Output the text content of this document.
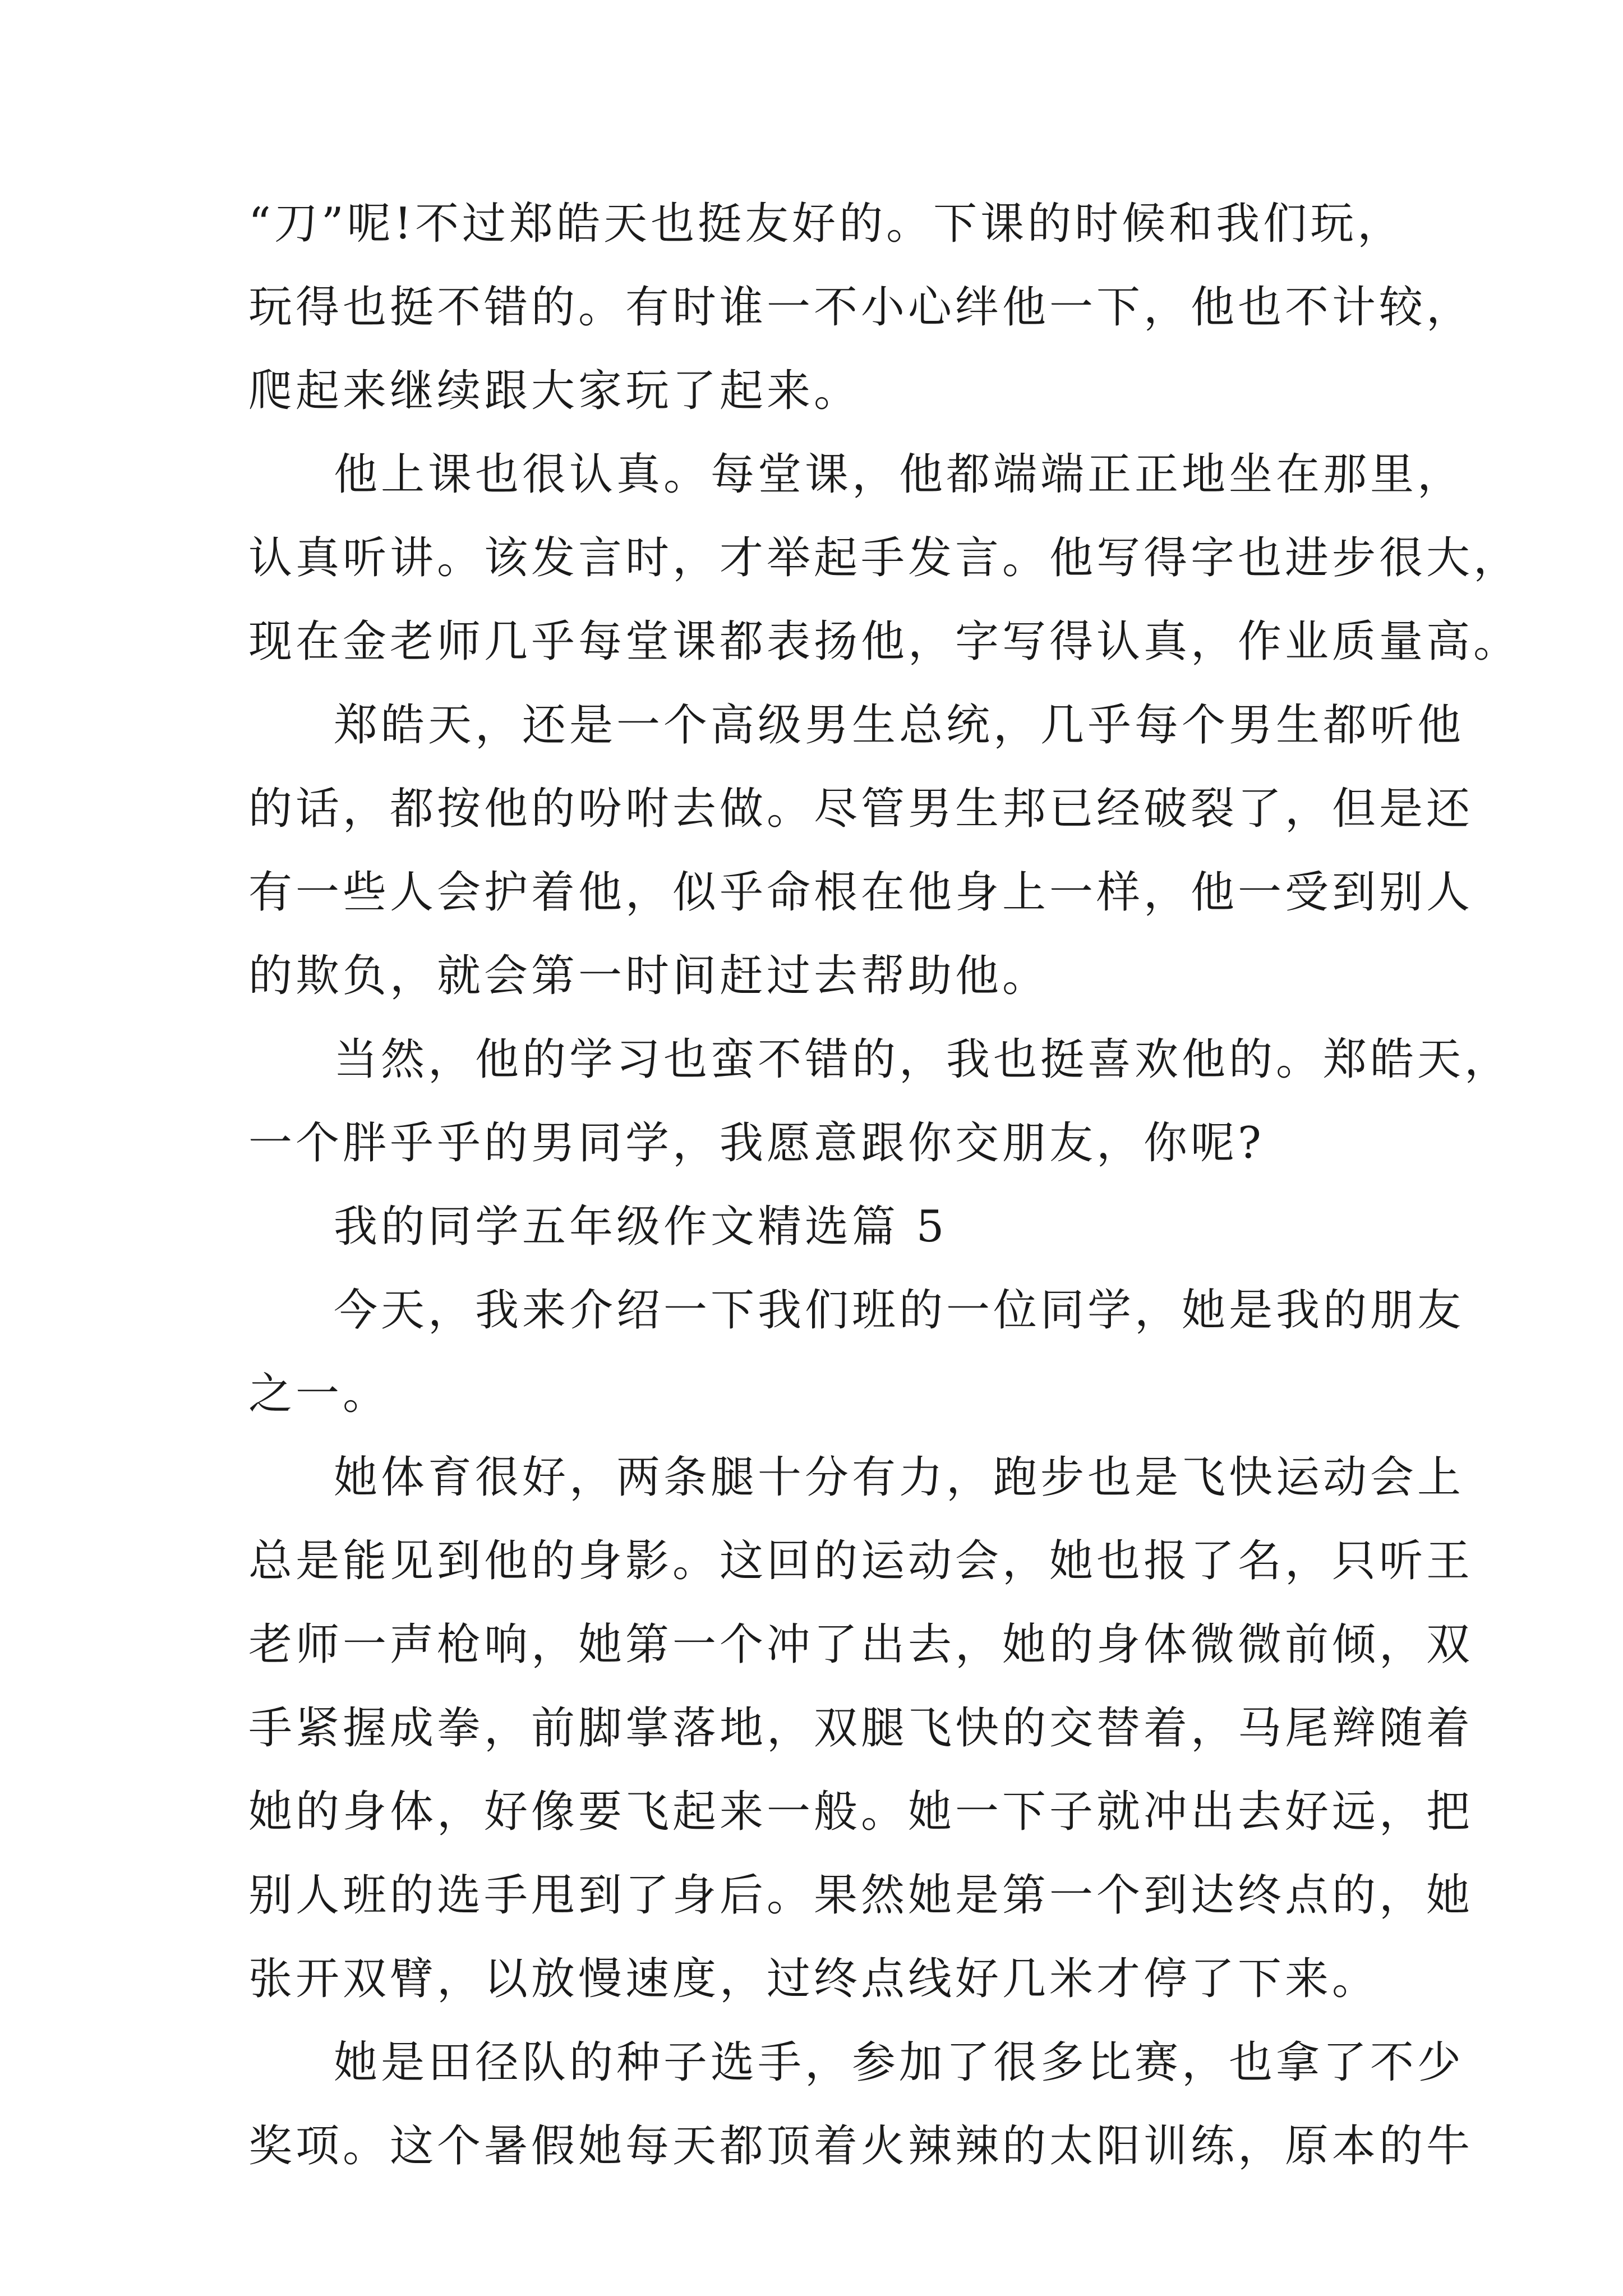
“刀”呢!不过郑皓天也挺友好的。下课的时候和我们玩，
玩得也挺不错的。有时谁一不小心绊他一下，他也不计较，
爬起来继续跟大家玩了起来。
他上课也很认真。每堂课，他都端端正正地坐在那里，
认真听讲。该发言时，才举起手发言。他写得字也进步很大，
现在金老师几乎每堂课都表扬他，字写得认真，作业质量高。
郑皓天，还是一个高级男生总统，几乎每个男生都听他
的话，都按他的吩咐去做。尽管男生邦已经破裂了，但是还
有一些人会护着他，似乎命根在他身上一样，他一受到别人
的欺负，就会第一时间赶过去帮助他。
当然，他的学习也蛮不错的，我也挺喜欢他的。郑皓天，
一个胖乎乎的男同学，我愿意跟你交朋友，你呢?
我的同学五年级作文精选篇 5
今天，我来介绍一下我们班的一位同学，她是我的朋友
之一。
她体育很好，两条腿十分有力，跑步也是飞快运动会上
总是能见到他的身影。这回的运动会，她也报了名，只听王
老师一声枪响，她第一个冲了出去，她的身体微微前倾，双
手紧握成拳，前脚掌落地，双腿飞快的交替着，马尾辫随着
她的身体，好像要飞起来一般。她一下子就冲出去好远，把
别人班的选手甩到了身后。果然她是第一个到达终点的，她
张开双臂，以放慢速度，过终点线好几米才停了下来。
她是田径队的种子选手，参加了很多比赛，也拿了不少
奖项。这个暑假她每天都顶着火辣辣的太阳训练，原本的牛
